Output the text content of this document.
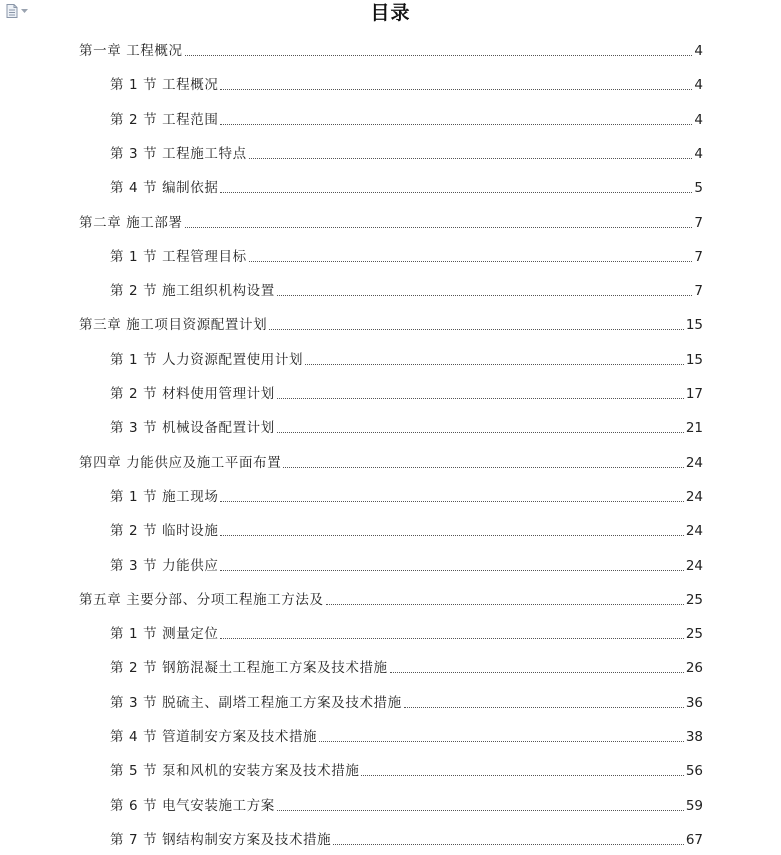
目录
第一章 工程概况	4
第 1 节 工程概况	4
第 2 节 工程范围	4
第 3 节 工程施工特点	4
第 4 节 编制依据	5
第二章 施工部署	7
第 1 节 工程管理目标	7
第 2 节 施工组织机构设置	7
第三章 施工项目资源配置计划	15
第 1 节 人力资源配置使用计划	15
第 2 节 材料使用管理计划	17
第 3 节 机械设备配置计划	21
第四章 力能供应及施工平面布置	24
第 1 节 施工现场	24
第 2 节 临时设施	24
第 3 节 力能供应	24
第五章 主要分部、分项工程施工方法及	25
第 1 节 测量定位	25
第 2 节 钢筋混凝土工程施工方案及技术措施	26
第 3 节 脱硫主、副塔工程施工方案及技术措施	36
第 4 节 管道制安方案及技术措施	38
第 5 节 泵和风机的安装方案及技术措施	56
第 6 节 电气安装施工方案	59
第 7 节 钢结构制安方案及技术措施	67
